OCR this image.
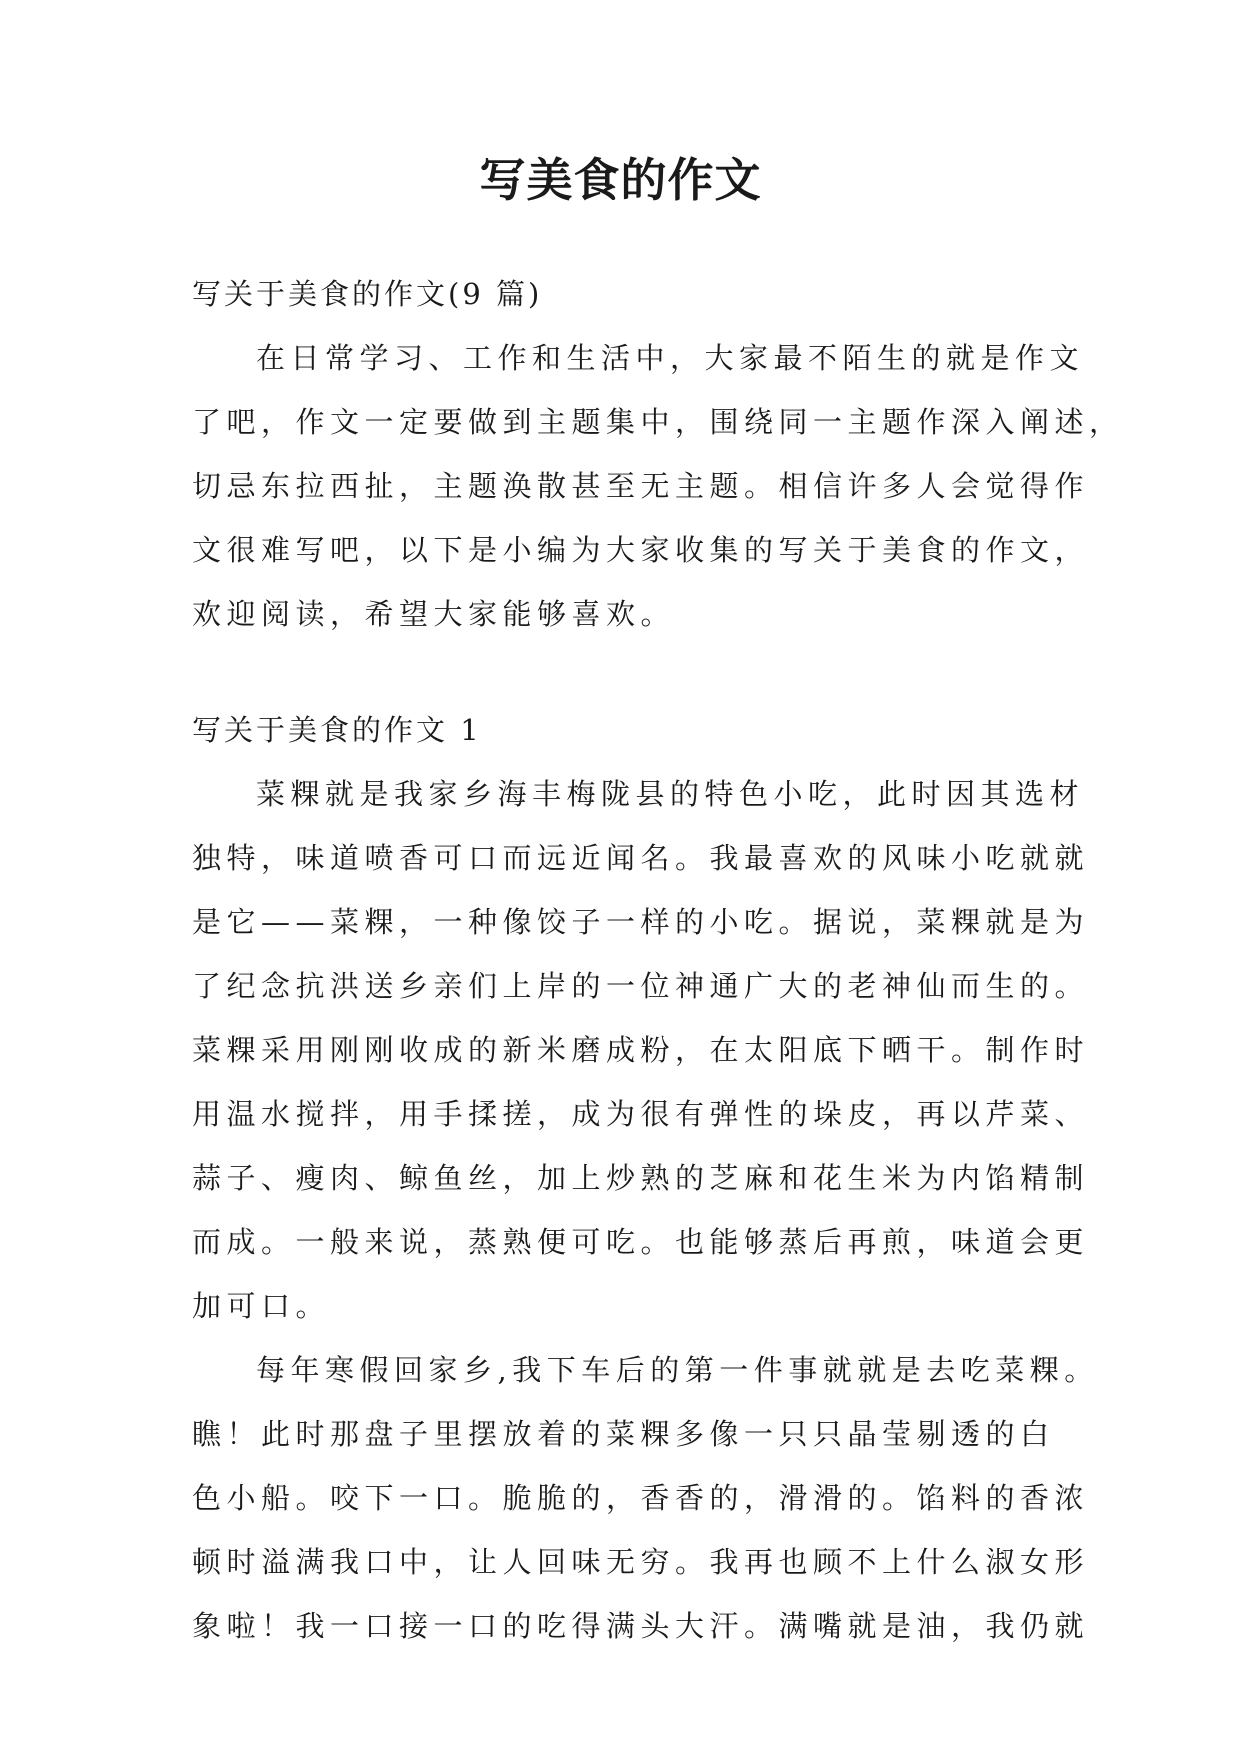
写美食的作文
写关于美食的作文(9 篇)
在日常学习、工作和生活中，大家最不陌生的就是作文
了吧，作文一定要做到主题集中，围绕同一主题作深入阐述，
切忌东拉西扯，主题涣散甚至无主题。相信许多人会觉得作
文很难写吧，以下是小编为大家收集的写关于美食的作文，
欢迎阅读，希望大家能够喜欢。
写关于美食的作文 1
菜粿就是我家乡海丰梅陇县的特色小吃，此时因其选材
独特，味道喷香可口而远近闻名。我最喜欢的风味小吃就就
是它——菜粿，一种像饺子一样的小吃。据说，菜粿就是为
了纪念抗洪送乡亲们上岸的一位神通广大的老神仙而生的。
菜粿采用刚刚收成的新米磨成粉，在太阳底下晒干。制作时
用温水搅拌，用手揉搓，成为很有弹性的垛皮，再以芹菜、
蒜子、瘦肉、鲸鱼丝，加上炒熟的芝麻和花生米为内馅精制
而成。一般来说，蒸熟便可吃。也能够蒸后再煎，味道会更
加可口。
每年寒假回家乡,我下车后的第一件事就就是去吃菜粿。
瞧！此时那盘子里摆放着的菜粿多像一只只晶莹剔透的白
色小船。咬下一口。脆脆的，香香的，滑滑的。馅料的香浓
顿时溢满我口中，让人回味无穷。我再也顾不上什么淑女形
象啦！我一口接一口的吃得满头大汗。满嘴就是油，我仍就
